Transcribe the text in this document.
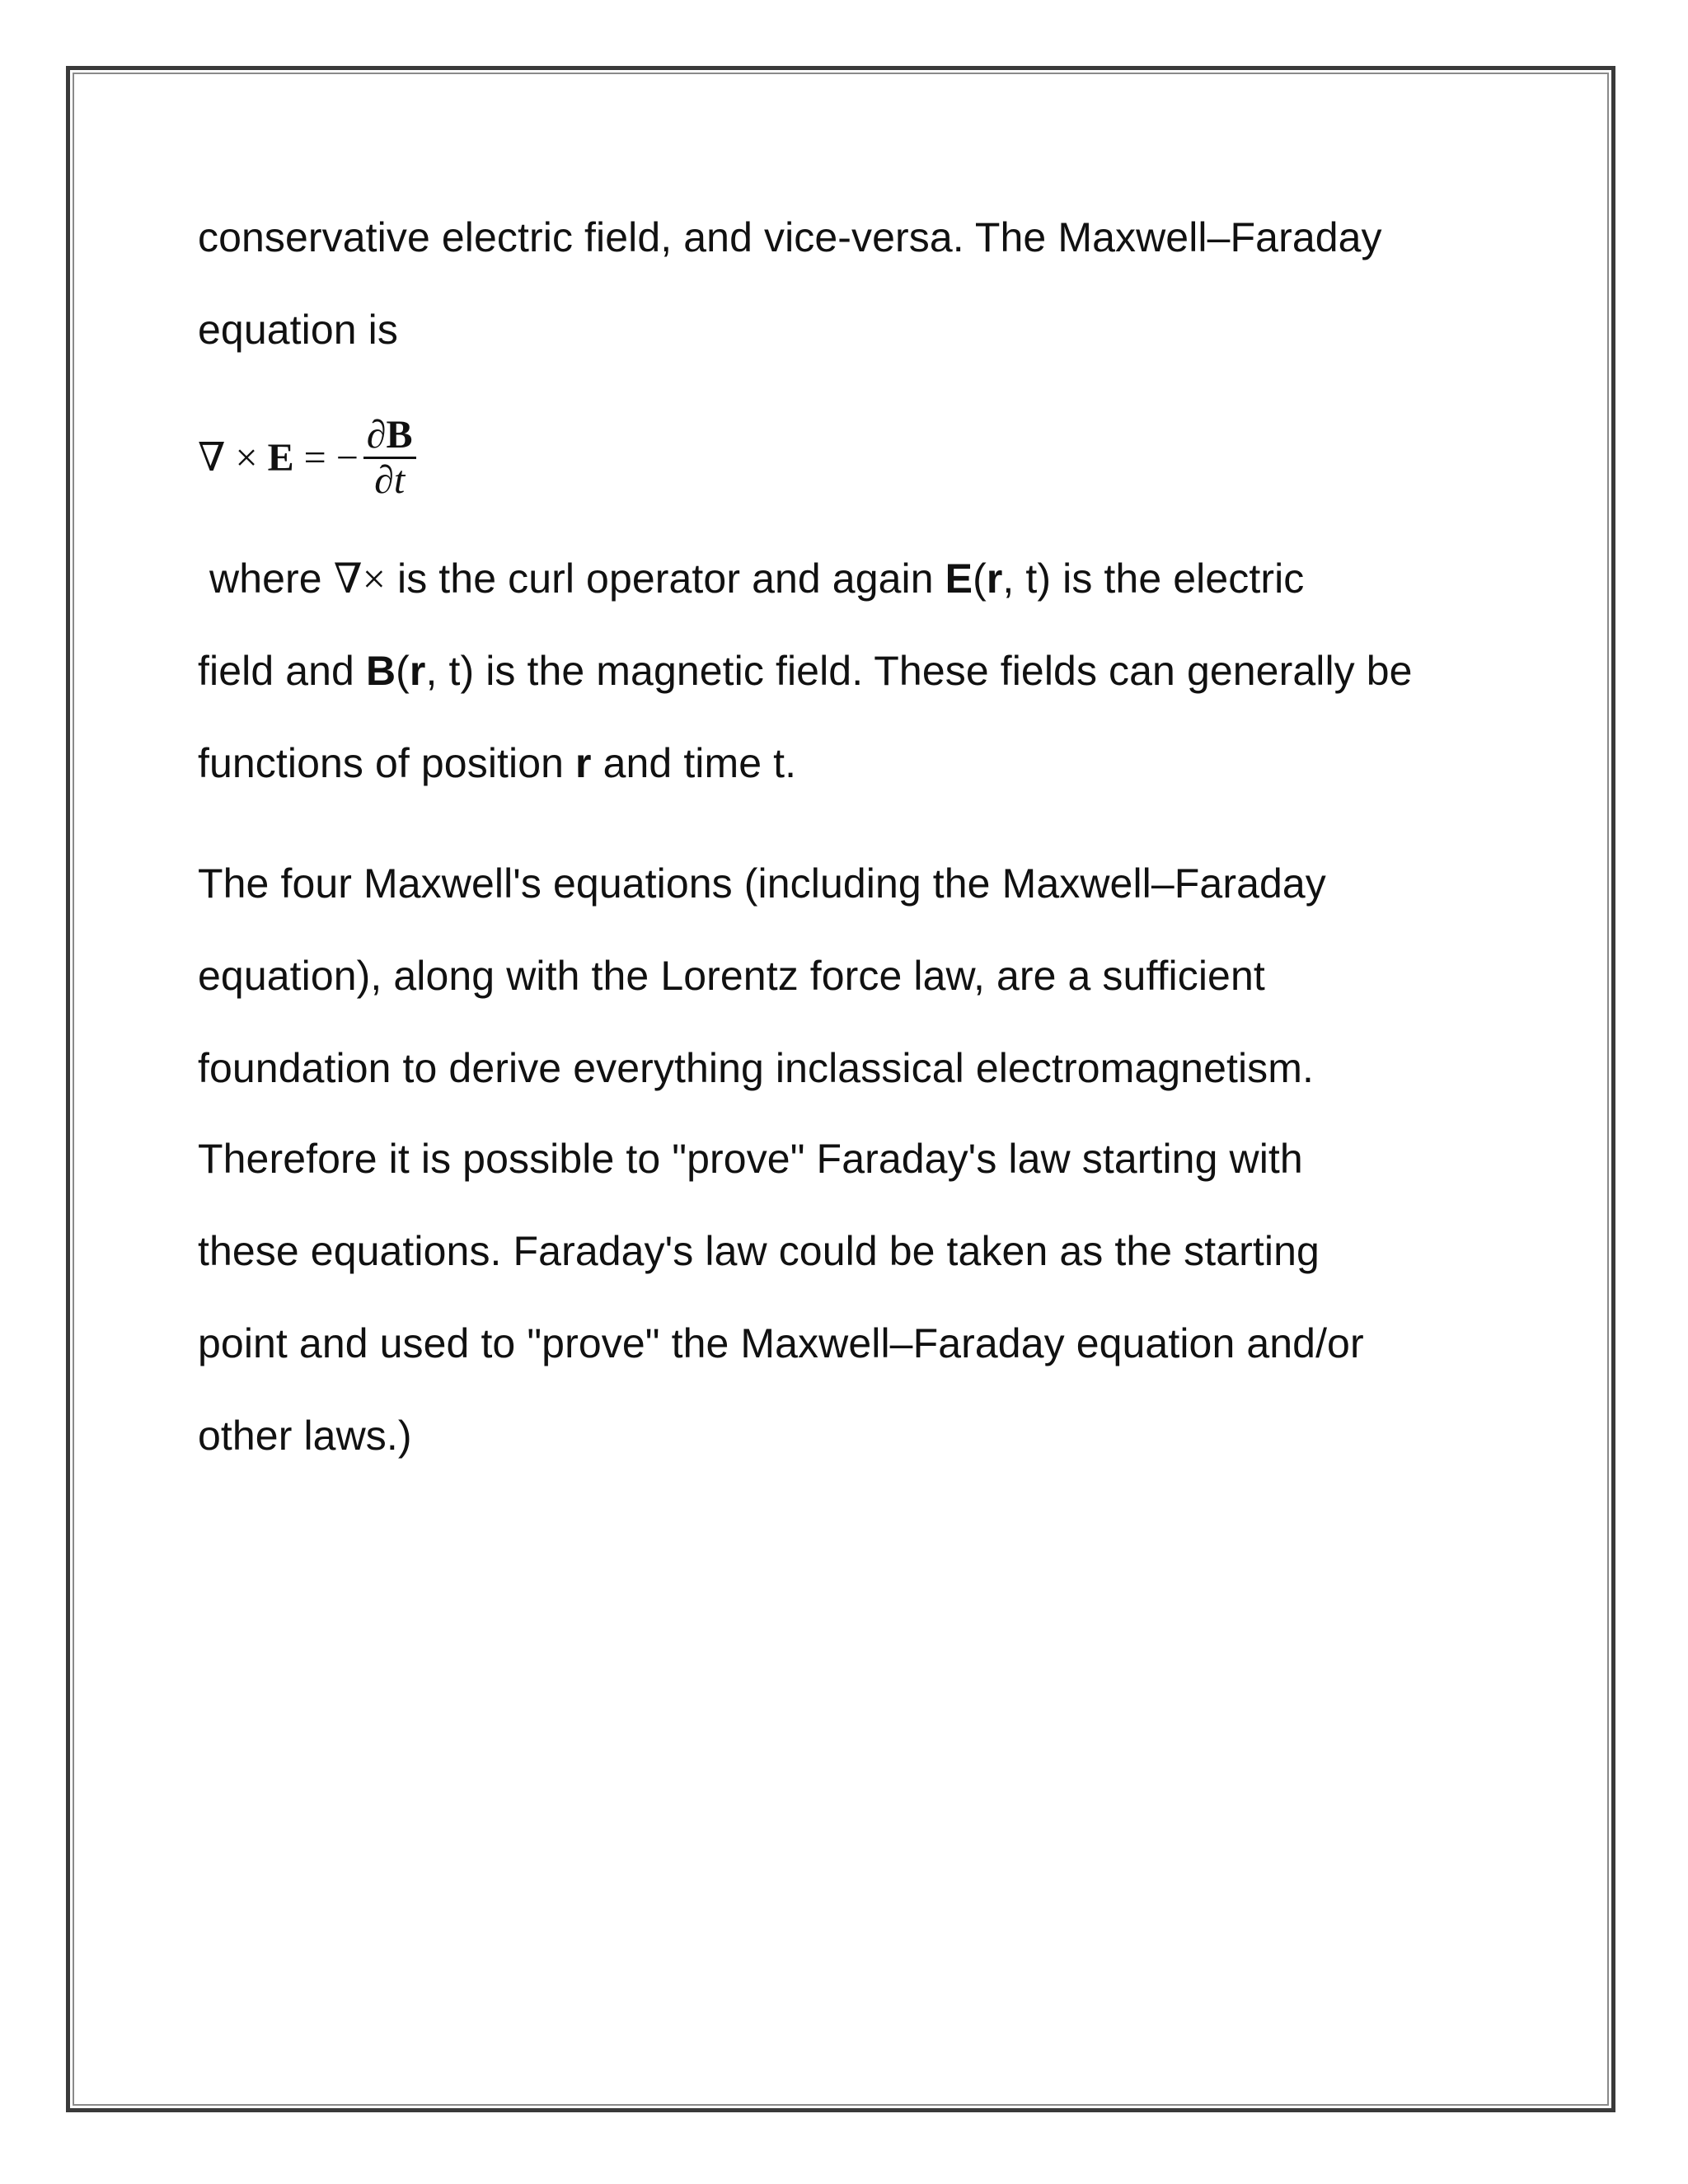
conservative electric field, and vice-versa. The Maxwell–Faraday
equation is
∇ × E = − $\frac{\partial B}{\partial t}$
where ∇× is the curl operator and again E(r, t) is the electric
field and B(r, t) is the magnetic field. These fields can generally be
functions of position r and time t.
The four Maxwell's equations (including the Maxwell–Faraday
equation), along with the Lorentz force law, are a sufficient
foundation to derive everything inclassical electromagnetism.
Therefore it is possible to "prove" Faraday's law starting with
these equations. Faraday's law could be taken as the starting
point and used to "prove" the Maxwell–Faraday equation and/or
other laws.)
